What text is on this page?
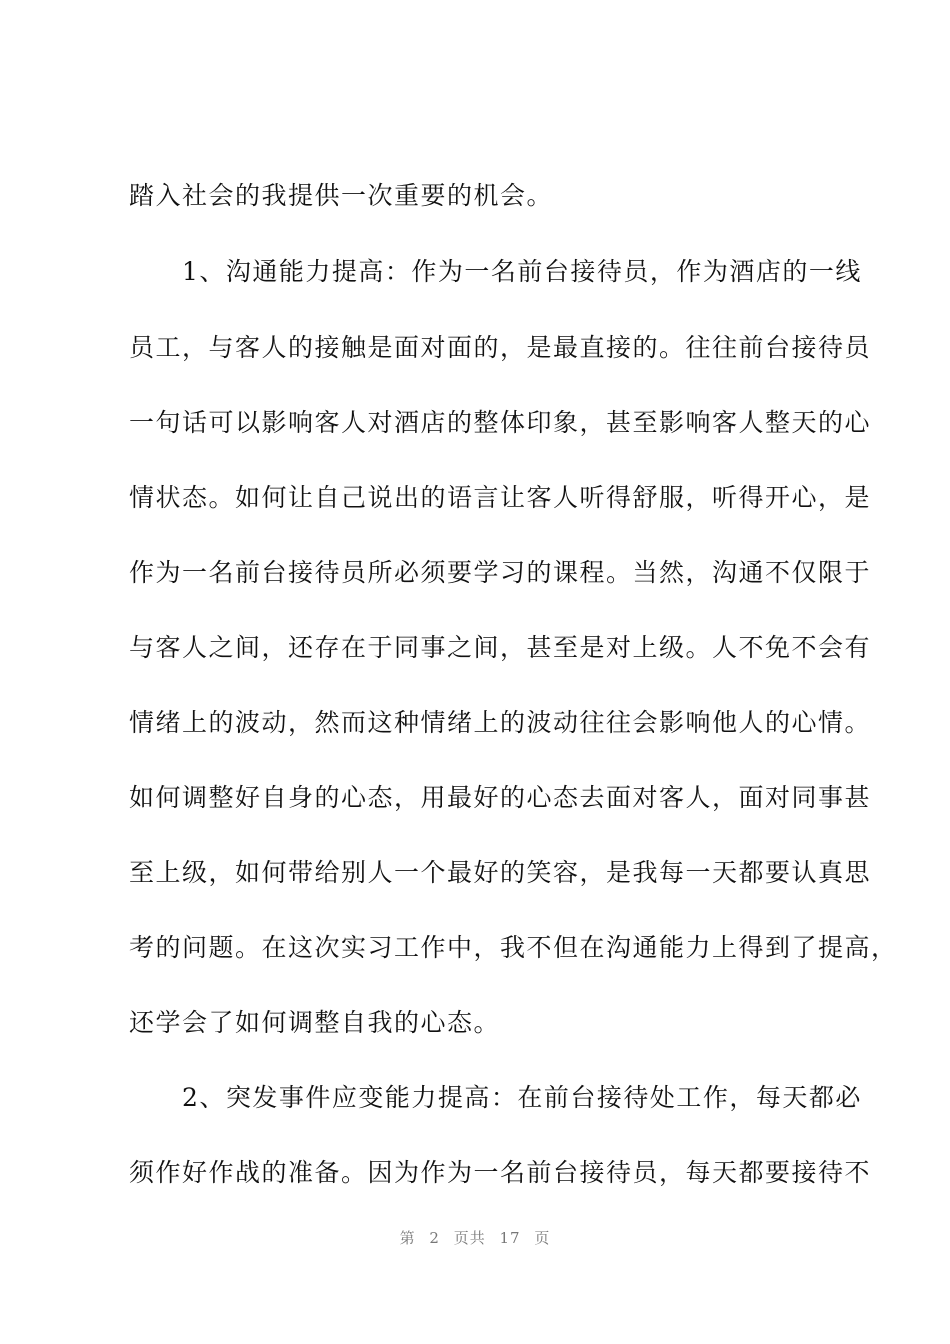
踏入社会的我提供一次重要的机会。
　　1、沟通能力提高：作为一名前台接待员，作为酒店的一线
员工，与客人的接触是面对面的，是最直接的。往往前台接待员
一句话可以影响客人对酒店的整体印象，甚至影响客人整天的心
情状态。如何让自己说出的语言让客人听得舒服，听得开心，是
作为一名前台接待员所必须要学习的课程。当然，沟通不仅限于
与客人之间，还存在于同事之间，甚至是对上级。人不免不会有
情绪上的波动，然而这种情绪上的波动往往会影响他人的心情。
如何调整好自身的心态，用最好的心态去面对客人，面对同事甚
至上级，如何带给别人一个最好的笑容，是我每一天都要认真思
考的问题。在这次实习工作中，我不但在沟通能力上得到了提高，
还学会了如何调整自我的心态。
　　2、突发事件应变能力提高：在前台接待处工作，每天都必
须作好作战的准备。因为作为一名前台接待员，每天都要接待不
第 2 页共 17 页
